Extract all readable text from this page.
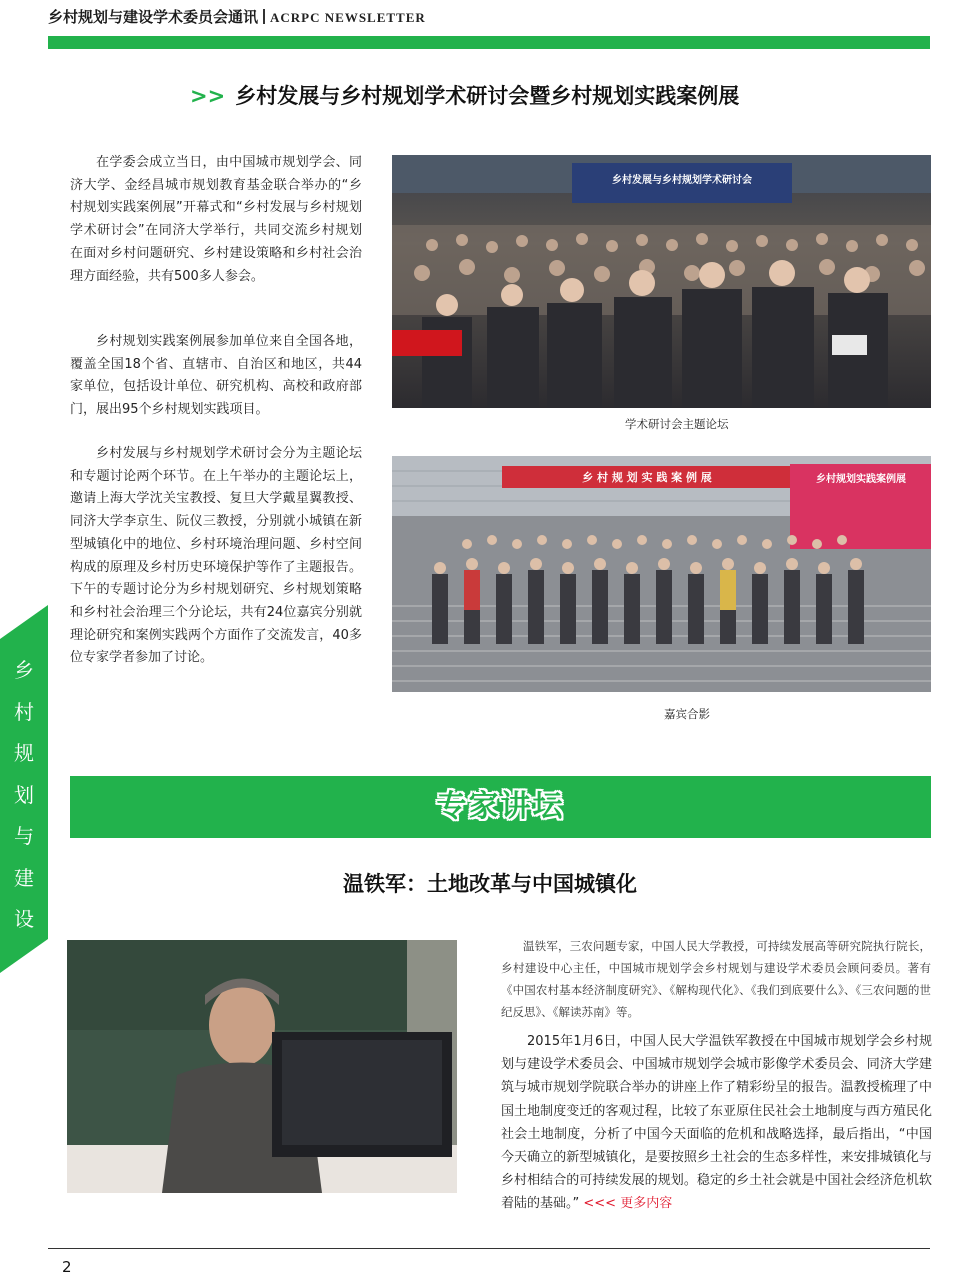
乡村规划与建设学术委员会通讯 ACRPC NEWSLETTER
>> 乡村发展与乡村规划学术研讨会暨乡村规划实践案例展
在学委会成立当日，由中国城市规划学会、同济大学、金经昌城市规划教育基金联合举办的“乡村规划实践案例展”开幕式和“乡村发展与乡村规划学术研讨会”在同济大学举行，共同交流乡村规划在面对乡村问题研究、乡村建设策略和乡村社会治理方面经验，共有500多人参会。
乡村规划实践案例展参加单位来自全国各地，覆盖全国18个省、直辖市、自治区和地区，共44家单位，包括设计单位、研究机构、高校和政府部门，展出95个乡村规划实践项目。
乡村发展与乡村规划学术研讨会分为主题论坛和专题讨论两个环节。在上午举办的主题论坛上，邀请上海大学沈关宝教授、复旦大学戴星翼教授、同济大学李京生、阮仪三教授，分别就小城镇在新型城镇化中的地位、乡村环境治理问题、乡村空间构成的原理及乡村历史环境保护等作了主题报告。下午的专题讨论分为乡村规划研究、乡村规划策略和乡村社会治理三个分论坛，共有24位嘉宾分别就理论研究和案例实践两个方面作了交流发言，40多位专家学者参加了讨论。
乡村发展与乡村规划学术研讨会
学术研讨会主题论坛
乡 村 规 划 实 践 案 例 展	乡村规划实践案例展
嘉宾合影
乡
村
规
划
与
建
设
专家讲坛
温铁军：土地改革与中国城镇化
温铁军，三农问题专家，中国人民大学教授，可持续发展高等研究院执行院长，乡村建设中心主任，中国城市规划学会乡村规划与建设学术委员会顾问委员。著有《中国农村基本经济制度研究》、《解构现代化》、《我们到底要什么》、《三农问题的世纪反思》、《解读苏南》等。
2015年1月6日，中国人民大学温铁军教授在中国城市规划学会乡村规划与建设学术委员会、中国城市规划学会城市影像学术委员会、同济大学建筑与城市规划学院联合举办的讲座上作了精彩纷呈的报告。温教授梳理了中国土地制度变迁的客观过程，比较了东亚原住民社会土地制度与西方殖民化社会土地制度，分析了中国今天面临的危机和战略选择，最后指出，“中国今天确立的新型城镇化，是要按照乡土社会的生态多样性，来安排城镇化与乡村相结合的可持续发展的规划。稳定的乡土社会就是中国社会经济危机软着陆的基础。” <<< 更多内容
2
